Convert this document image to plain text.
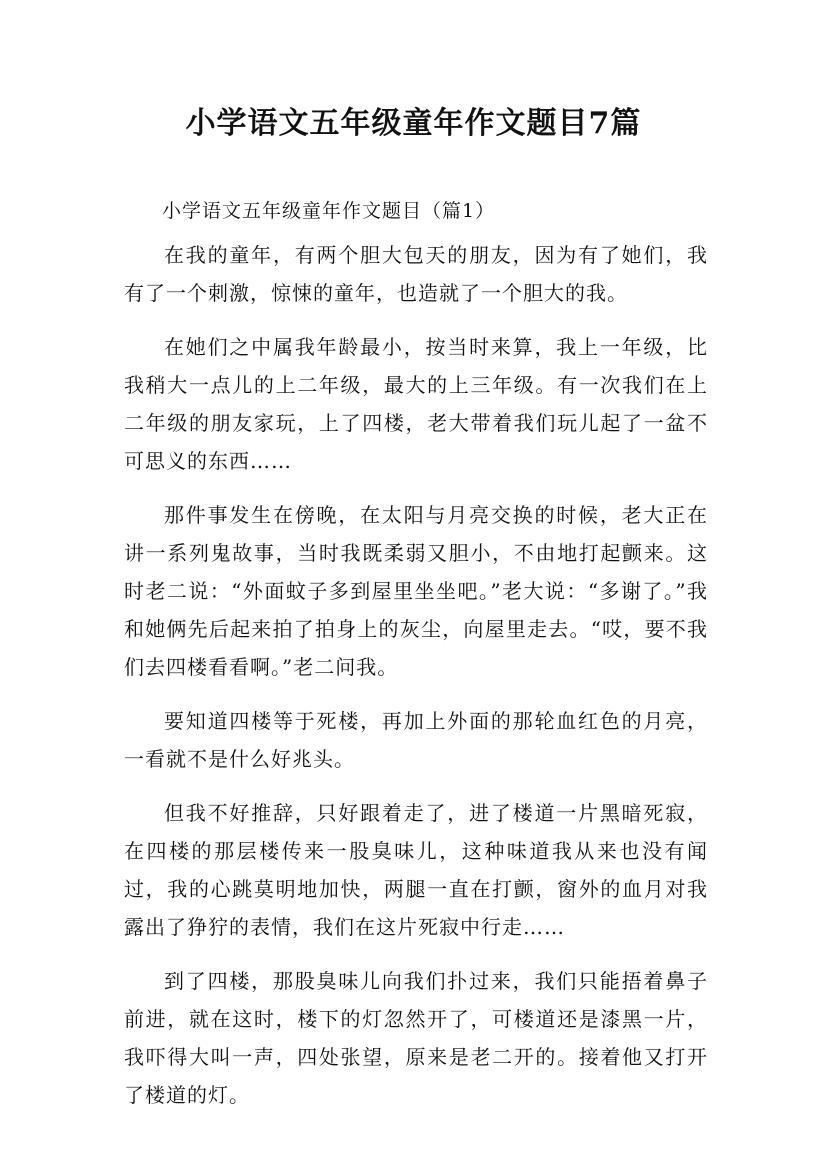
小学语文五年级童年作文题目7篇

小学语文五年级童年作文题目（篇1）

在我的童年，有两个胆大包天的朋友，因为有了她们，我有了一个刺激，惊悚的童年，也造就了一个胆大的我。

在她们之中属我年龄最小，按当时来算，我上一年级，比我稍大一点儿的上二年级，最大的上三年级。有一次我们在上二年级的朋友家玩，上了四楼，老大带着我们玩儿起了一盆不可思义的东西……

那件事发生在傍晚，在太阳与月亮交换的时候，老大正在讲一系列鬼故事，当时我既柔弱又胆小，不由地打起颤来。这时老二说：“外面蚊子多到屋里坐坐吧。”老大说：“多谢了。”我和她俩先后起来拍了拍身上的灰尘，向屋里走去。“哎，要不我们去四楼看看啊。”老二问我。

要知道四楼等于死楼，再加上外面的那轮血红色的月亮，一看就不是什么好兆头。

但我不好推辞，只好跟着走了，进了楼道一片黑暗死寂，在四楼的那层楼传来一股臭味儿，这种味道我从来也没有闻过，我的心跳莫明地加快，两腿一直在打颤，窗外的血月对我露出了狰狞的表情，我们在这片死寂中行走……

到了四楼，那股臭味儿向我们扑过来，我们只能捂着鼻子前进，就在这时，楼下的灯忽然开了，可楼道还是漆黑一片，我吓得大叫一声，四处张望，原来是老二开的。接着他又打开了楼道的灯。
